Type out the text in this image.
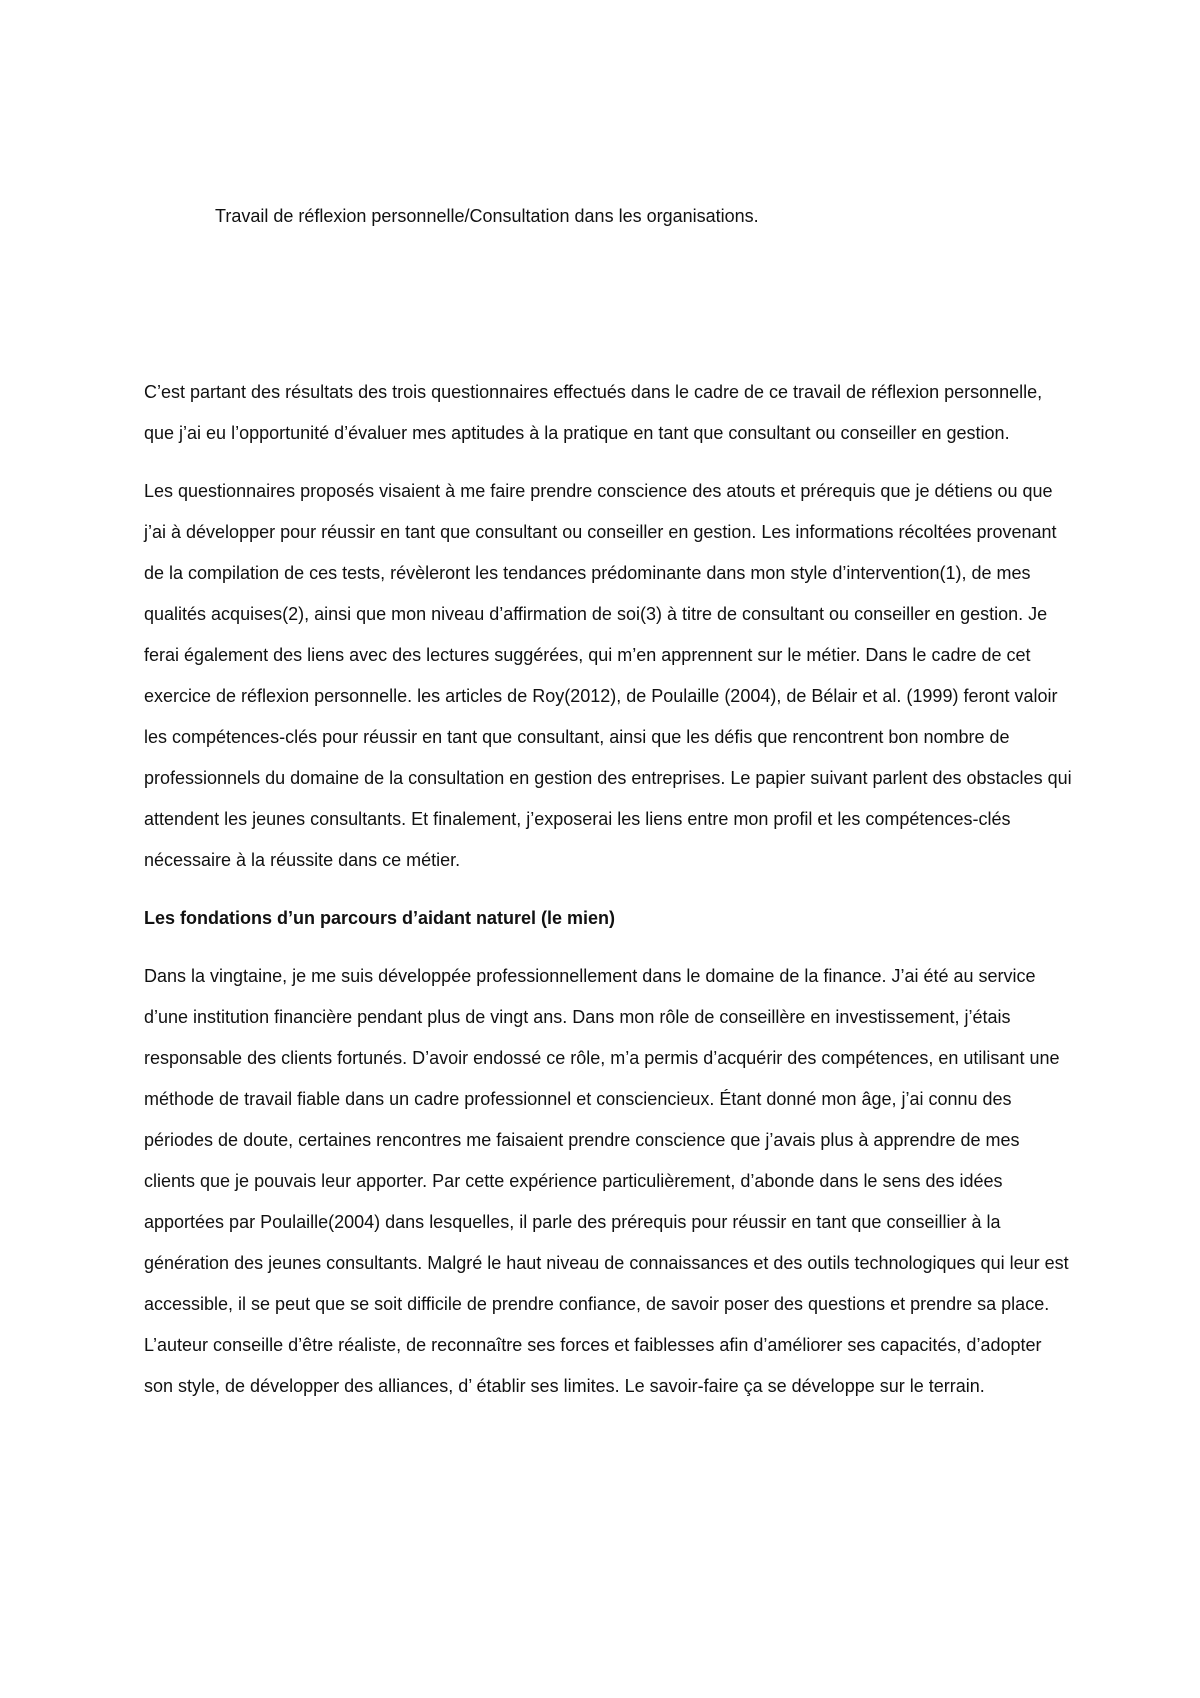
Travail de réflexion personnelle/Consultation dans les organisations.

C’est partant des résultats des trois questionnaires effectués dans le cadre de ce travail de réflexion personnelle, que j’ai eu l’opportunité d’évaluer mes aptitudes à la pratique en tant que consultant ou conseiller en gestion.

Les questionnaires proposés visaient à me faire prendre conscience des atouts et prérequis que je détiens ou que j’ai à développer pour réussir en tant que consultant ou conseiller en gestion. Les informations récoltées provenant de la compilation de ces tests, révèleront les tendances prédominante dans mon style d’intervention(1), de mes qualités acquises(2), ainsi que mon niveau d’affirmation de soi(3) à titre de consultant ou conseiller en gestion. Je ferai également des liens avec des lectures suggérées, qui m’en apprennent sur le métier. Dans le cadre de cet exercice de réflexion personnelle. les articles de Roy(2012), de Poulaille (2004), de Bélair et al. (1999) feront valoir les compétences-clés pour réussir en tant que consultant, ainsi que les défis que rencontrent bon nombre de professionnels du domaine de la consultation en gestion des entreprises. Le papier suivant parlent des obstacles qui attendent les jeunes consultants. Et finalement, j’exposerai les liens entre mon profil et les compétences-clés nécessaire à la réussite dans ce métier.

Les fondations d’un parcours d’aidant naturel (le mien)

Dans la vingtaine, je me suis développée professionnellement dans le domaine de la finance. J’ai été au service d’une institution financière pendant plus de vingt ans. Dans mon rôle de conseillère en investissement, j’étais responsable des clients fortunés. D’avoir endossé ce rôle, m’a permis d’acquérir des compétences, en utilisant une méthode de travail fiable dans un cadre professionnel et consciencieux. Étant donné mon âge, j’ai connu des périodes de doute, certaines rencontres me faisaient prendre conscience que j’avais plus à apprendre de mes clients que je pouvais leur apporter. Par cette expérience particulièrement, d’abonde dans le sens des idées apportées par Poulaille(2004) dans lesquelles, il parle des prérequis pour réussir en tant que conseillier à la génération des jeunes consultants. Malgré le haut niveau de connaissances et des outils technologiques qui leur est accessible, il se peut que se soit difficile de prendre confiance, de savoir poser des questions et prendre sa place. L’auteur conseille d’être réaliste, de reconnaître ses forces et faiblesses afin d’améliorer ses capacités, d’adopter son style, de développer des alliances, d’ établir ses limites. Le savoir-faire ça se développe sur le terrain.
